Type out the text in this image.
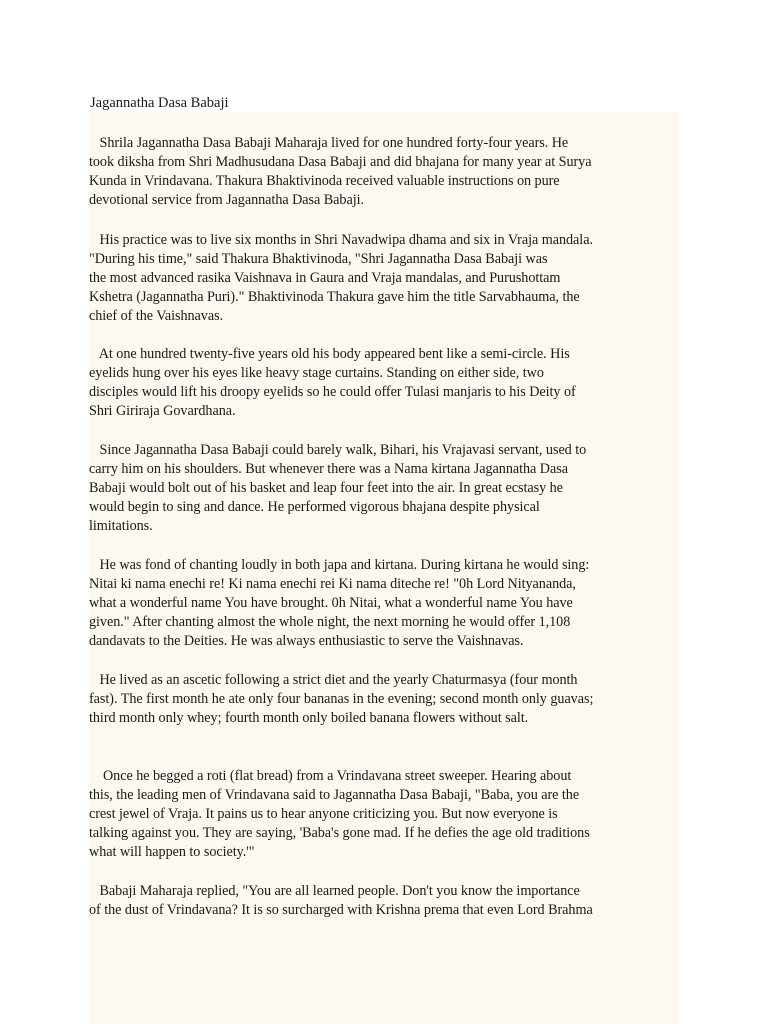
Jagannatha Dasa Babaji
Shrila Jagannatha Dasa Babaji Maharaja lived for one hundred forty-four years. He
took diksha from Shri Madhusudana Dasa Babaji and did bhajana for many year at Surya
Kunda in Vrindavana. Thakura Bhaktivinoda received valuable instructions on pure
devotional service from Jagannatha Dasa Babaji.
His practice was to live six months in Shri Navadwipa dhama and six in Vraja mandala.
"During his time," said Thakura Bhaktivinoda, "Shri Jagannatha Dasa Babaji was
the most advanced rasika Vaishnava in Gaura and Vraja mandalas, and Purushottam
Kshetra (Jagannatha Puri)." Bhaktivinoda Thakura gave him the title Sarvabhauma, the
chief of the Vaishnavas.
At one hundred twenty-five years old his body appeared bent like a semi-circle. His
eyelids hung over his eyes like heavy stage curtains. Standing on either side, two
disciples would lift his droopy eyelids so he could offer Tulasi manjaris to his Deity of
Shri Giriraja Govardhana.
Since Jagannatha Dasa Babaji could barely walk, Bihari, his Vrajavasi servant, used to
carry him on his shoulders. But whenever there was a Nama kirtana Jagannatha Dasa
Babaji would bolt out of his basket and leap four feet into the air. In great ecstasy he
would begin to sing and dance. He performed vigorous bhajana despite physical
limitations.
He was fond of chanting loudly in both japa and kirtana. During kirtana he would sing:
Nitai ki nama enechi re! Ki nama enechi rei Ki nama diteche re! "0h Lord Nityananda,
what a wonderful name You have brought. 0h Nitai, what a wonderful name You have
given." After chanting almost the whole night, the next morning he would offer 1,108
dandavats to the Deities. He was always enthusiastic to serve the Vaishnavas.
He lived as an ascetic following a strict diet and the yearly Chaturmasya (four month
fast). The first month he ate only four bananas in the evening; second month only guavas;
third month only whey; fourth month only boiled banana flowers without salt.
Once he begged a roti (flat bread) from a Vrindavana street sweeper. Hearing about
this, the leading men of Vrindavana said to Jagannatha Dasa Babaji, "Baba, you are the
crest jewel of Vraja. It pains us to hear anyone criticizing you. But now everyone is
talking against you. They are saying, 'Baba's gone mad. If he defies the age old traditions
what will happen to society.'"
Babaji Maharaja replied, "You are all learned people. Don't you know the importance
of the dust of Vrindavana? It is so surcharged with Krishna prema that even Lord Brahma
